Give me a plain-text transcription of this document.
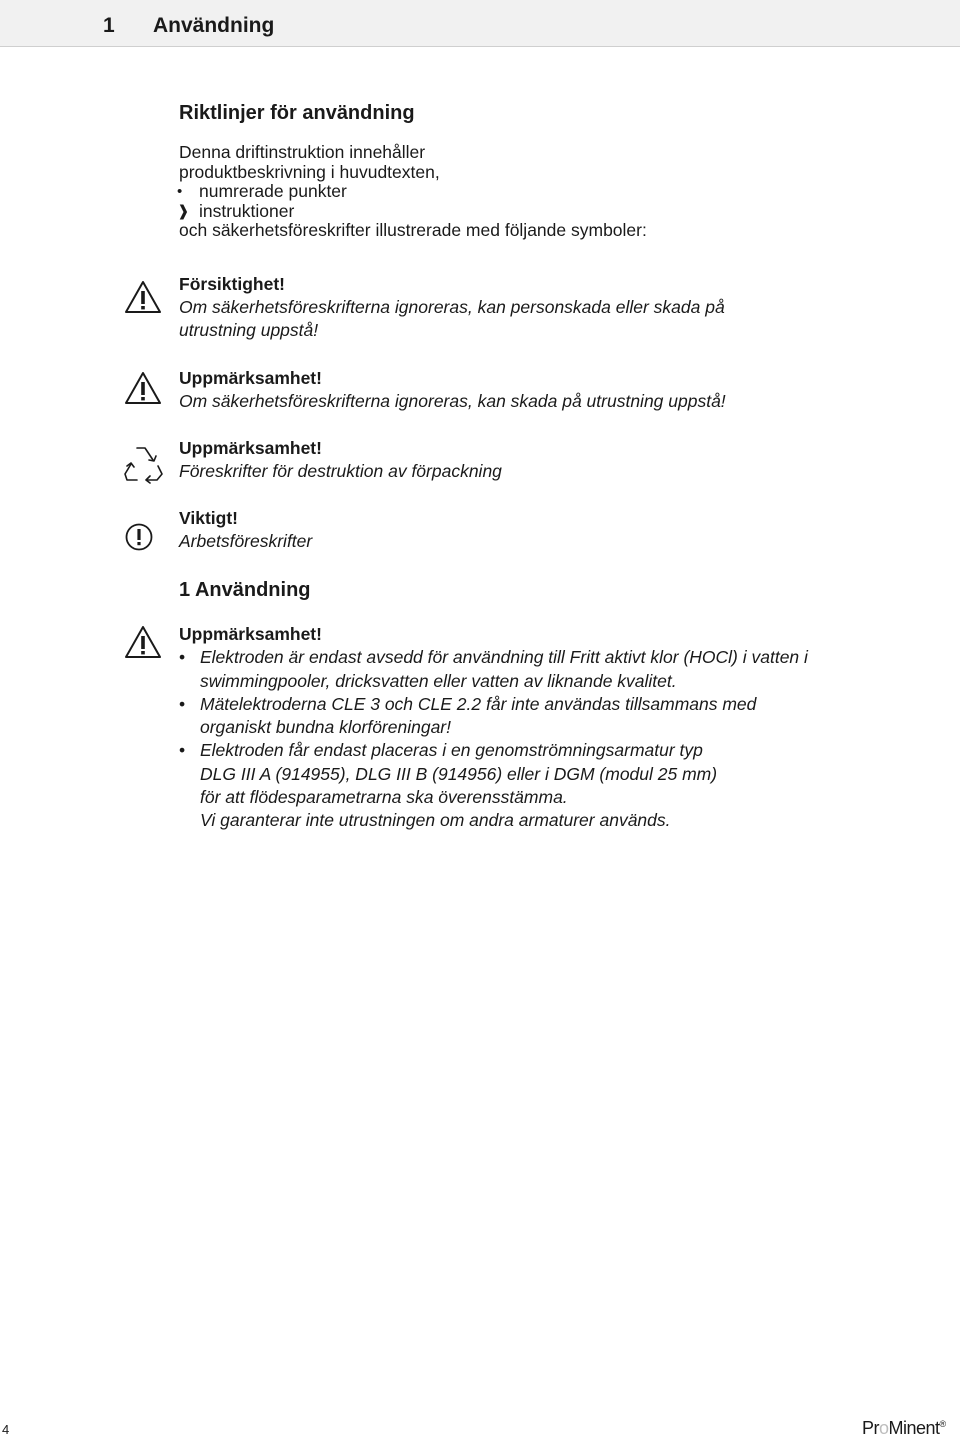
1 Användning
Riktlinjer för användning
Denna driftinstruktion innehåller
produktbeskrivning i huvudtexten,
• numrerade punkter
❱ instruktioner
och säkerhetsföreskrifter illustrerade med följande symboler:
Försiktighet!
Om säkerhetsföreskrifterna ignoreras, kan personskada eller skada på
utrustning uppstå!
Uppmärksamhet!
Om säkerhetsföreskrifterna ignoreras, kan skada på utrustning uppstå!
Uppmärksamhet!
Föreskrifter för destruktion av förpackning
Viktigt!
Arbetsföreskrifter
1 Användning
Uppmärksamhet!
• Elektroden är endast avsedd för användning till Fritt aktivt klor (HOCl) i vatten i
swimmingpooler, dricksvatten eller vatten av liknande kvalitet.
• Mätelektroderna CLE 3 och CLE 2.2 får inte användas tillsammans med
organiskt bundna klorföreningar!
• Elektroden får endast placeras i en genomströmningsarmatur typ
DLG III A (914955), DLG III B (914956) eller i DGM (modul 25 mm)
för att flödesparametrarna ska överensstämma.
Vi garanterar inte utrustningen om andra armaturer används.
4	ProMinent®
